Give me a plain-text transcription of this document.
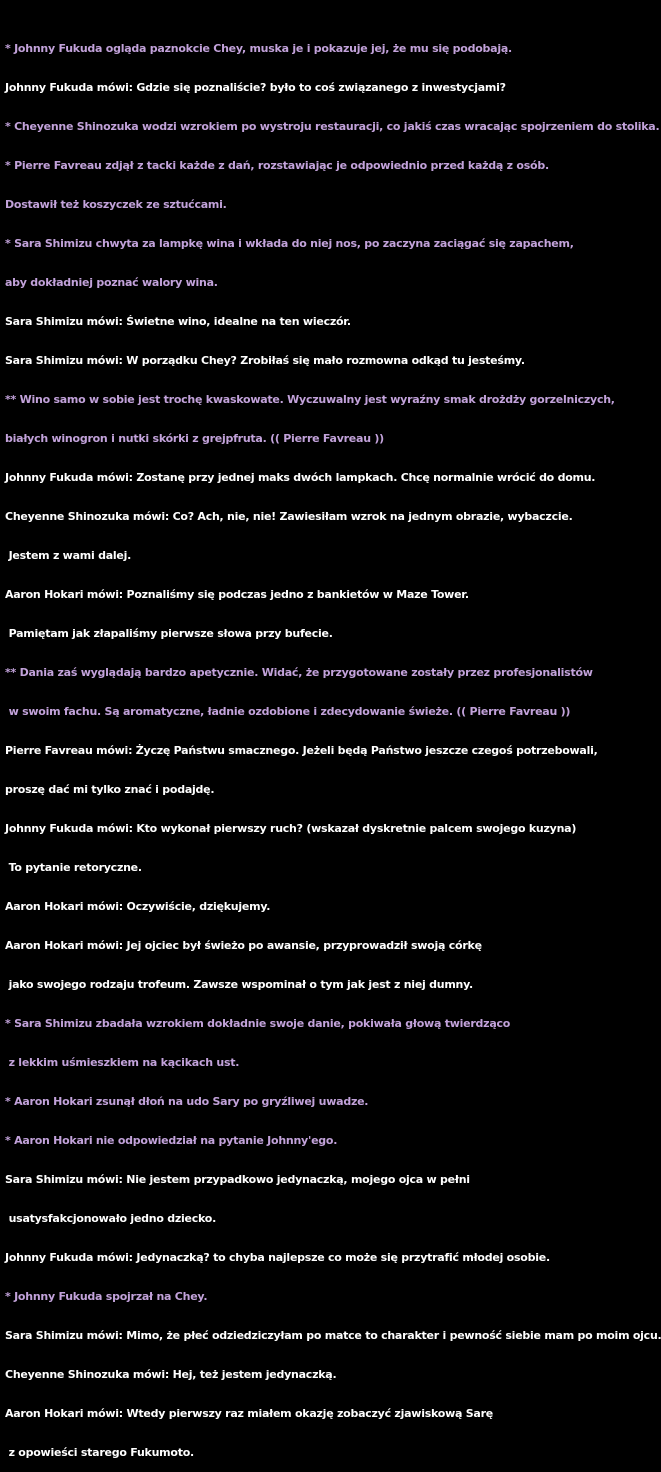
* Johnny Fukuda ogląda paznokcie Chey, muska je i pokazuje jej, że mu się podobają.

Johnny Fukuda mówi: Gdzie się poznaliście? było to coś związanego z inwestycjami?

* Cheyenne Shinozuka wodzi wzrokiem po wystroju restauracji, co jakiś czas wracając spojrzeniem do stolika.

* Pierre Favreau zdjął z tacki każde z dań, rozstawiając je odpowiednio przed każdą z osób.

Dostawił też koszyczek ze sztućcami.

* Sara Shimizu chwyta za lampkę wina i wkłada do niej nos, po zaczyna zaciągać się zapachem,

aby dokładniej poznać walory wina.

Sara Shimizu mówi: Świetne wino, idealne na ten wieczór.

Sara Shimizu mówi: W porządku Chey? Zrobiłaś się mało rozmowna odkąd tu jesteśmy.

** Wino samo w sobie jest trochę kwaskowate. Wyczuwalny jest wyraźny smak drożdży gorzelniczych,

białych winogron i nutki skórki z grejpfruta. (( Pierre Favreau ))

Johnny Fukuda mówi: Zostanę przy jednej maks dwóch lampkach. Chcę normalnie wrócić do domu.

Cheyenne Shinozuka mówi: Co? Ach, nie, nie! Zawiesiłam wzrok na jednym obrazie, wybaczcie.

Jestem z wami dalej.

Aaron Hokari mówi: Poznaliśmy się podczas jedno z bankietów w Maze Tower.

Pamiętam jak złapaliśmy pierwsze słowa przy bufecie.

** Dania zaś wyglądają bardzo apetycznie. Widać, że przygotowane zostały przez profesjonalistów

w swoim fachu. Są aromatyczne, ładnie ozdobione i zdecydowanie świeże. (( Pierre Favreau ))

Pierre Favreau mówi: Życzę Państwu smacznego. Jeżeli będą Państwo jeszcze czegoś potrzebowali,

proszę dać mi tylko znać i podajdę.

Johnny Fukuda mówi: Kto wykonał pierwszy ruch? (wskazał dyskretnie palcem swojego kuzyna)

To pytanie retoryczne.

Aaron Hokari mówi: Oczywiście, dziękujemy.

Aaron Hokari mówi: Jej ojciec był świeżo po awansie, przyprowadził swoją córkę

jako swojego rodzaju trofeum. Zawsze wspominał o tym jak jest z niej dumny.

* Sara Shimizu zbadała wzrokiem dokładnie swoje danie, pokiwała głową twierdząco

z lekkim uśmieszkiem na kącikach ust.

* Aaron Hokari zsunął dłoń na udo Sary po gryźliwej uwadze.

* Aaron Hokari nie odpowiedział na pytanie Johnny'ego.

Sara Shimizu mówi: Nie jestem przypadkowo jedynaczką, mojego ojca w pełni

usatysfakcjonowało jedno dziecko.

Johnny Fukuda mówi: Jedynaczką? to chyba najlepsze co może się przytrafić młodej osobie.

* Johnny Fukuda spojrzał na Chey.

Sara Shimizu mówi: Mimo, że płeć odziedziczyłam po matce to charakter i pewność siebie mam po moim ojcu.

Cheyenne Shinozuka mówi: Hej, też jestem jedynaczką.

Aaron Hokari mówi: Wtedy pierwszy raz miałem okazję zobaczyć zjawiskową Sarę

z opowieści starego Fukumoto.
